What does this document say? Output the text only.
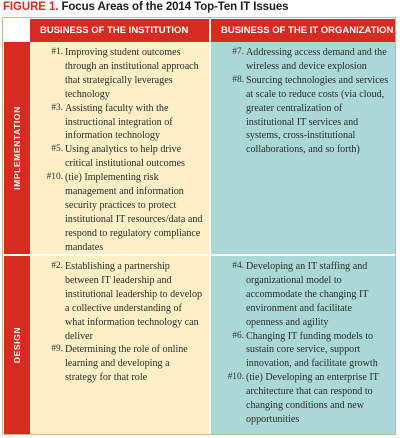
FIGURE 1. Focus Areas of the 2014 Top-Ten IT Issues
BUSINESS OF THE INSTITUTION	BUSINESS OF THE IT ORGANIZATION
IMPLEMENTATION
DESIGN
#1. Improving student outcomes through an institutional approach that strategically leverages technology
#3. Assisting faculty with the instructional integration of information technology
#5. Using analytics to help drive critical institutional outcomes
#10. (tie) Implementing risk management and information security practices to protect institutional IT resources/data and respond to regulatory compliance mandates
#7. Addressing access demand and the wireless and device explosion
#8. Sourcing technologies and services at scale to reduce costs (via cloud, greater centralization of institutional IT services and systems, cross-institutional collaborations, and so forth)
#2. Establishing a partnership between IT leadership and institutional leadership to develop a collective understanding of what information technology can deliver
#9. Determining the role of online learning and developing a strategy for that role
#4. Developing an IT staffing and organizational model to accommodate the changing IT environment and facilitate openness and agility
#6. Changing IT funding models to sustain core service, support innovation, and facilitate growth
#10. (tie) Developing an enterprise IT architecture that can respond to changing conditions and new opportunities
